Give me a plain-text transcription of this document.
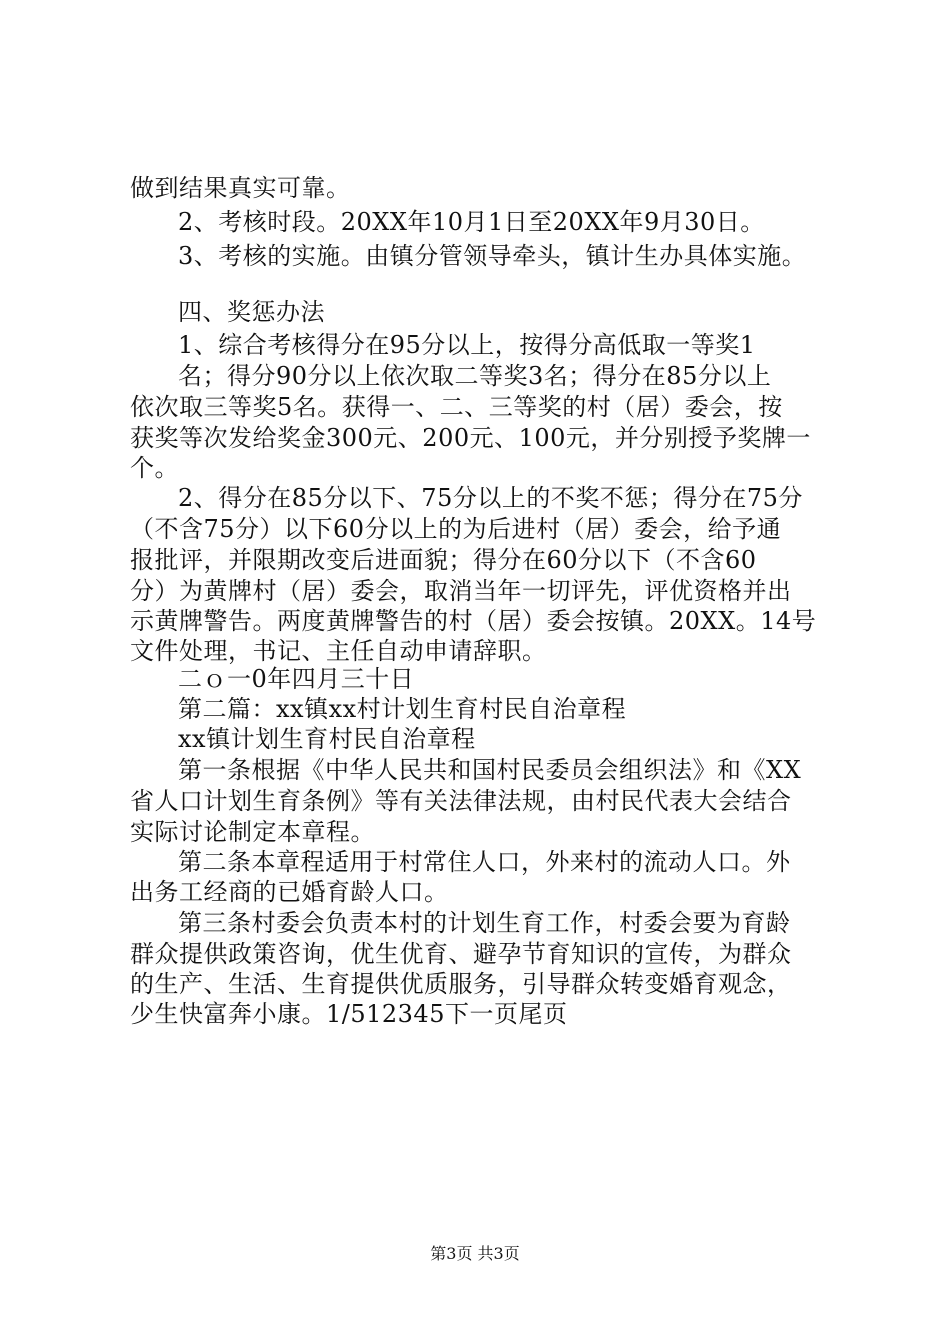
做到结果真实可靠。
2、考核时段。20XX年10月1日至20XX年9月30日。
3、考核的实施。由镇分管领导牵头，镇计生办具体实施。
四、奖惩办法
1、综合考核得分在95分以上，按得分高低取一等奖1
名；得分90分以上依次取二等奖3名；得分在85分以上
依次取三等奖5名。获得一、二、三等奖的村（居）委会，按
获奖等次发给奖金300元、200元、100元，并分别授予奖牌一
个。
2、得分在85分以下、75分以上的不奖不惩；得分在75分
（不含75分）以下60分以上的为后进村（居）委会，给予通
报批评，并限期改变后进面貌；得分在60分以下（不含60
分）为黄牌村（居）委会，取消当年一切评先，评优资格并出
示黄牌警告。两度黄牌警告的村（居）委会按镇。20XX。14号
文件处理，书记、主任自动申请辞职。
二ｏ一0年四月三十日
第二篇：xx镇xx村计划生育村民自治章程
xx镇计划生育村民自治章程
第一条根据《中华人民共和国村民委员会组织法》和《XX
省人口计划生育条例》等有关法律法规，由村民代表大会结合
实际讨论制定本章程。
第二条本章程适用于村常住人口，外来村的流动人口。外
出务工经商的已婚育龄人口。
第三条村委会负责本村的计划生育工作，村委会要为育龄
群众提供政策咨询，优生优育、避孕节育知识的宣传，为群众
的生产、生活、生育提供优质服务，引导群众转变婚育观念，
少生快富奔小康。1/512345下一页尾页
第3页 共3页
